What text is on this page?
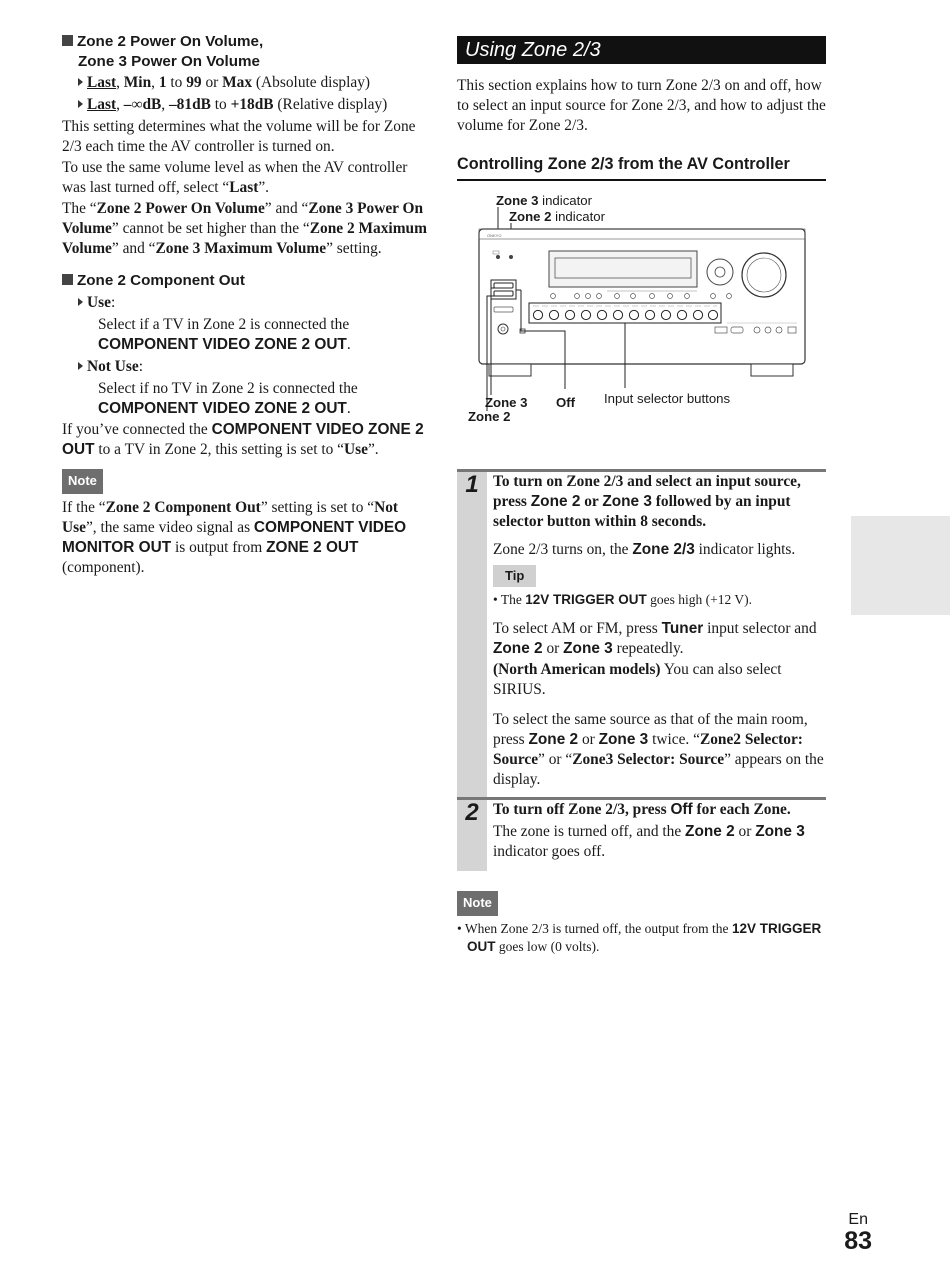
Zone 2 Power On Volume,
Zone 3 Power On Volume
Last, Min, 1 to 99 or Max (Absolute display)
Last, –∞dB, –81dB to +18dB (Relative display)

This setting determines what the volume will be for Zone 2/3 each time the AV controller is turned on.

To use the same volume level as when the AV controller was last turned off, select “Last”.

The “Zone 2 Power On Volume” and “Zone 3 Power On Volume” cannot be set higher than the “Zone 2 Maximum Volume” and “Zone 3 Maximum Volume” setting.

Zone 2 Component Out
Use:
Select if a TV in Zone 2 is connected the COMPONENT VIDEO ZONE 2 OUT.
Not Use:
Select if no TV in Zone 2 is connected the COMPONENT VIDEO ZONE 2 OUT.

If you’ve connected the COMPONENT VIDEO ZONE 2 OUT to a TV in Zone 2, this setting is set to “Use”.

Note

If the “Zone 2 Component Out” setting is set to “Not Use”, the same video signal as COMPONENT VIDEO MONITOR OUT is output from ZONE 2 OUT (component).

Using Zone 2/3

This section explains how to turn Zone 2/3 on and off, how to select an input source for Zone 2/3, and how to adjust the volume for Zone 2/3.

Controlling Zone 2/3 from the AV Controller
Zone 3 indicator
Zone 2 indicator
ONKYO
Zone 3
Zone 2
Off Input selector buttons
1 To turn on Zone 2/3 and select an input source, press Zone 2 or Zone 3 followed by an input selector button within 8 seconds.

Zone 2/3 turns on, the Zone 2/3 indicator lights.

Tip

• The 12V TRIGGER OUT goes high (+12 V).

To select AM or FM, press Tuner input selector and Zone 2 or Zone 3 repeatedly.

(North American models) You can also select SIRIUS.

To select the same source as that of the main room, press Zone 2 or Zone 3 twice. “Zone2 Selector: Source” or “Zone3 Selector: Source” appears on the display.

2 To turn off Zone 2/3, press Off for each Zone.

The zone is turned off, and the Zone 2 or Zone 3 indicator goes off.

Note

• When Zone 2/3 is turned off, the output from the 12V TRIGGER OUT goes low (0 volts).

En
83
